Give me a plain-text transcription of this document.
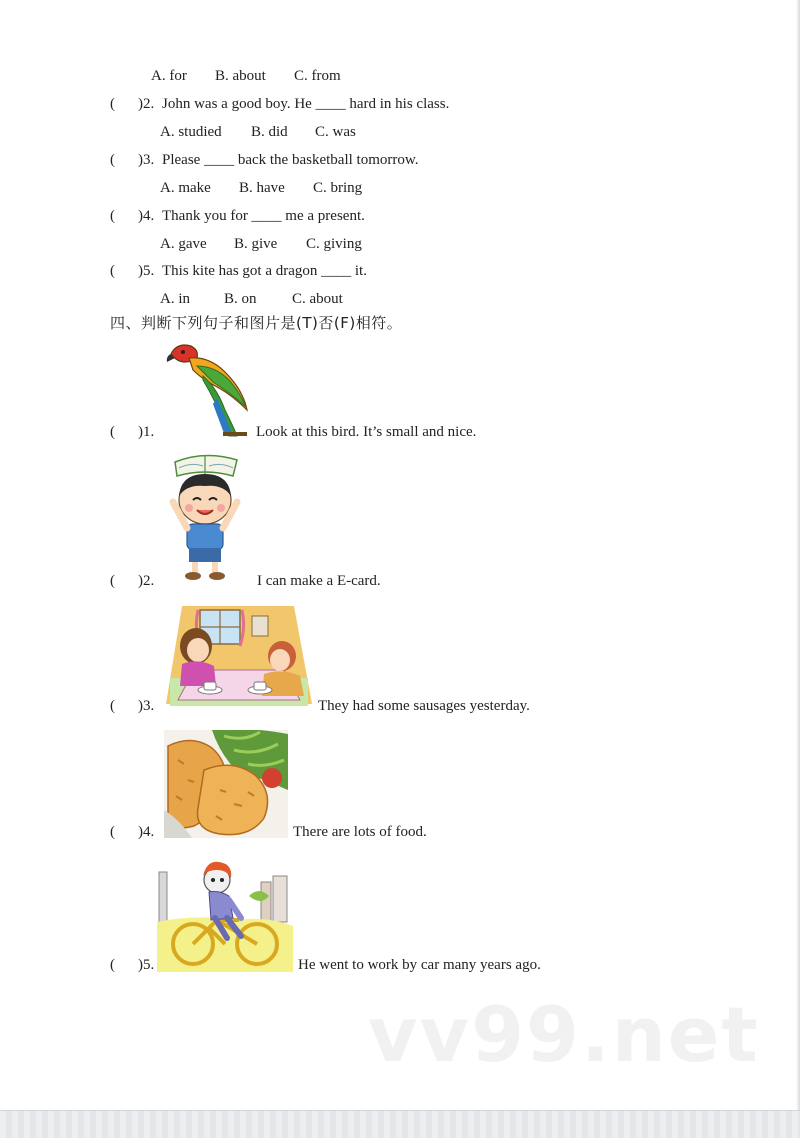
A. for B. about C. from
( )2. John was a good boy. He ____ hard in his class.
A. studied B. did C. was
( )3. Please ____ back the basketball tomorrow.
A. make B. have C. bring
( )4. Thank you for ____ me a present.
A. gave B. give C. giving
( )5. This kite has got a dragon ____ it.
A. in B. on C. about
四、判断下列句子和图片是(T)否(F)相符。
( )1.	Look at this bird. It’s small and nice.
( )2.	I can make a E-card.
( )3.	They had some sausages yesterday.
( )4.	There are lots of food.
( )5.	He went to work by car many years ago.
vv99.net
